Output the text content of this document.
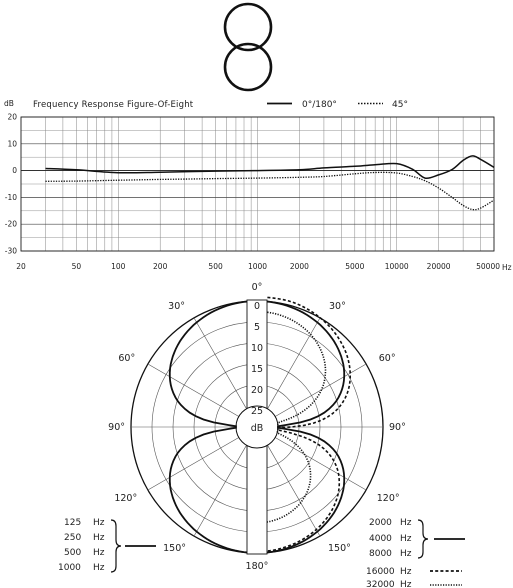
20
10
0
-10
-20
-30
20	50	100	200	500	1000	2000	5000	10000 20000	50000
dB Frequency Response Figure-Of-Eight	0°/180°	45°
Hz
0
5
10
15
20
25
0°
30°
30°
60°
60°
90°
90°
120°
120°
150°
150°
180°
dB
125
250
500
1000
Hz
Hz
Hz
Hz
2000
4000
8000
Hz
Hz
Hz
16000 Hz
32000 Hz
